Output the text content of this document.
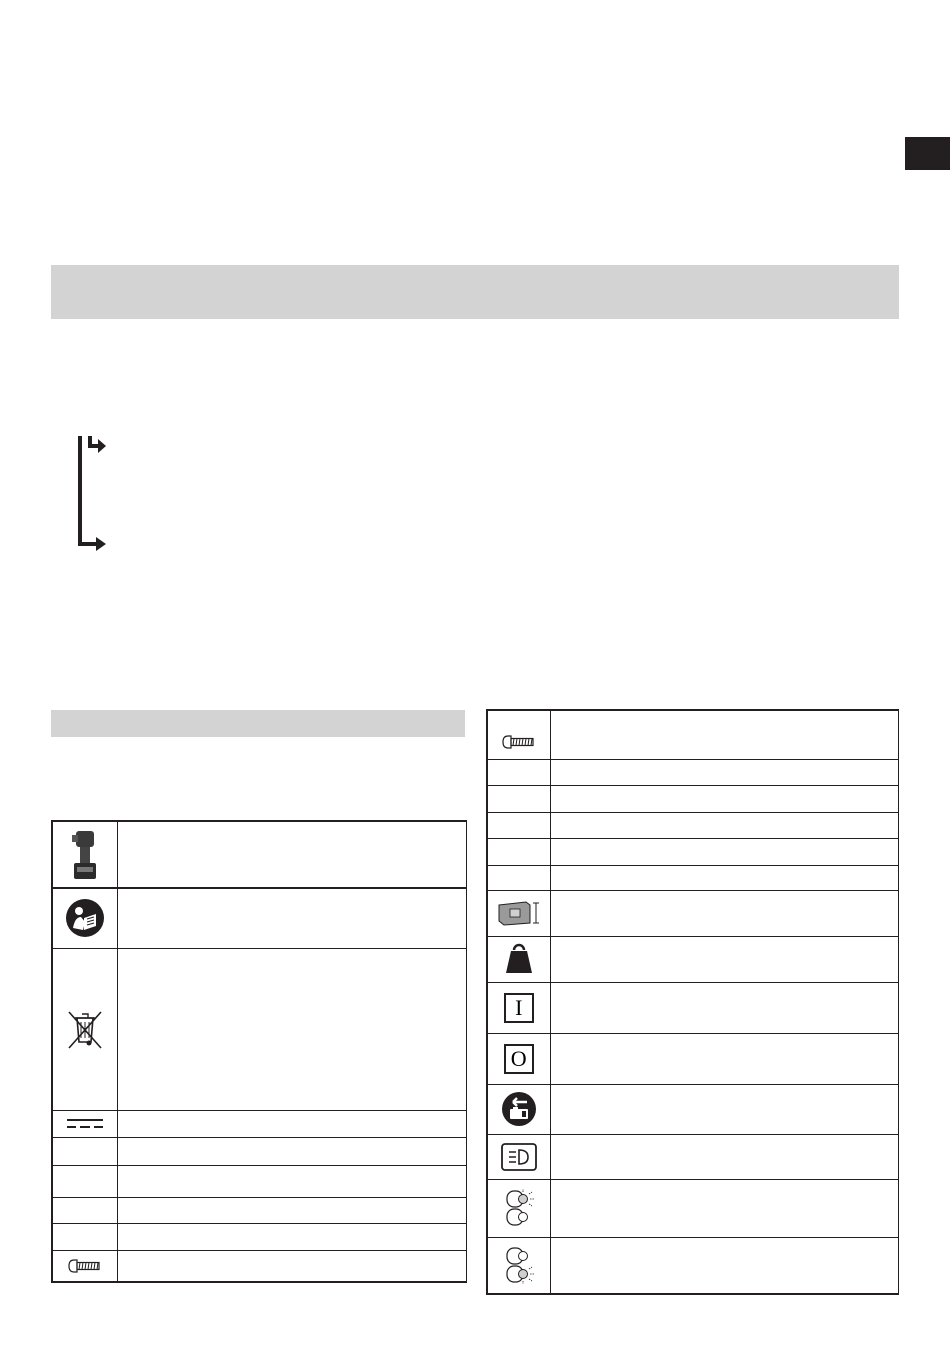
I	

O	
